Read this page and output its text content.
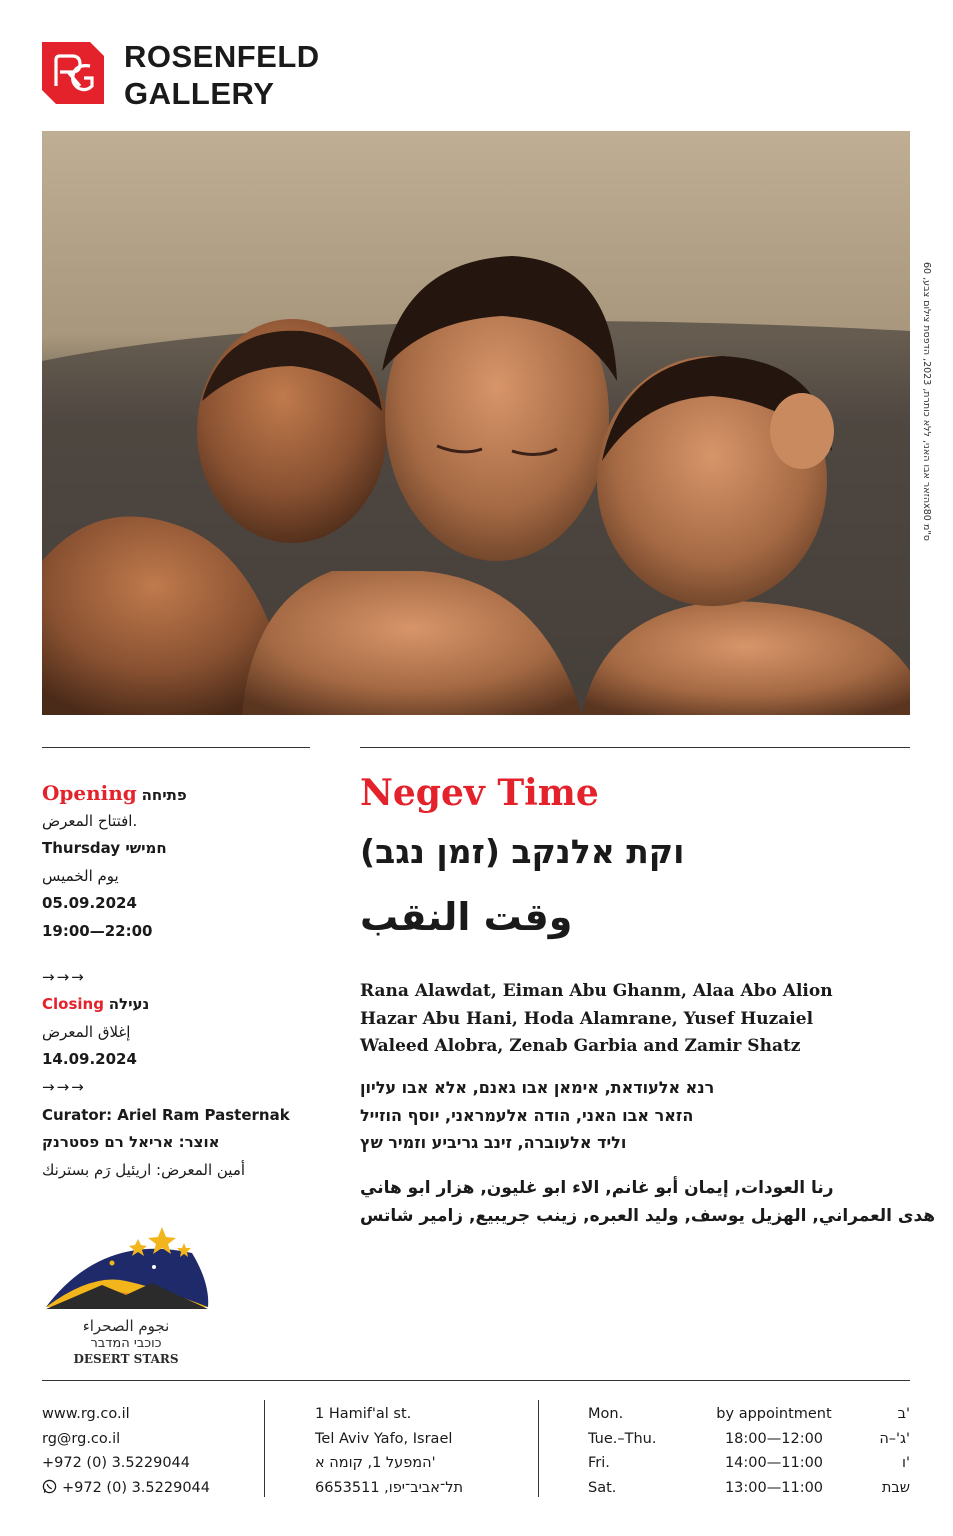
ROSENFELD
GALLERY
הזאר אבו האני, ללא כותרת, 2023, הדפסת צילום צבע, 60x80 ס"מ
Opening פתיחה
افتتاح المعرض.
Thursday חמישי
يوم الخميس
05.09.2024
19:00—22:00
→→→
Closing נעילה
إغلاق المعرض
14.09.2024
→→→
Curator: Ariel Ram Pasternak
אוצר: אריאל רם פסטרנק
أمين المعرض: اريئيل رَم بسترنك
Negev Time
וקת אלנקב (זמן נגב)
وقت النقب
Rana Alawdat, Eiman Abu Ghanm, Alaa Abo Alion
Hazar Abu Hani, Hoda Alamrane, Yusef Huzaiel
Waleed Alobra, Zenab Garbia and Zamir Shatz
רנא אלעודאת, אימאן אבו גאנם, אלא אבו עליון
הזאר אבו האני, הודה אלעמראני, יוסף הוזייל
וליד אלעוברה, זינב גריביע וזמיר שץ
رنا العودات, إيمان أبو غانم, الاء ابو غليون, هزار ابو هاني
هدى العمراني, الهزيل يوسف, وليد العبره, زينب جريبيع, زامير شاتس
نجوم الصحراء
כוכבי המדבר
DESERT STARS
www.rg.co.il
rg@rg.co.il
+972 (0) 3.5229044
+972 (0) 3.5229044
1 Hamif'al st.
Tel Aviv Yafo, Israel
המפעל 1, קומה א'
תל־אביב־יפו, 6653511
Mon.	by appointment	ב'
Tue.–Thu.	18:00—12:00	ג'–ה'
Fri.	14:00—11:00	ו'
Sat.	13:00—11:00	שבת
